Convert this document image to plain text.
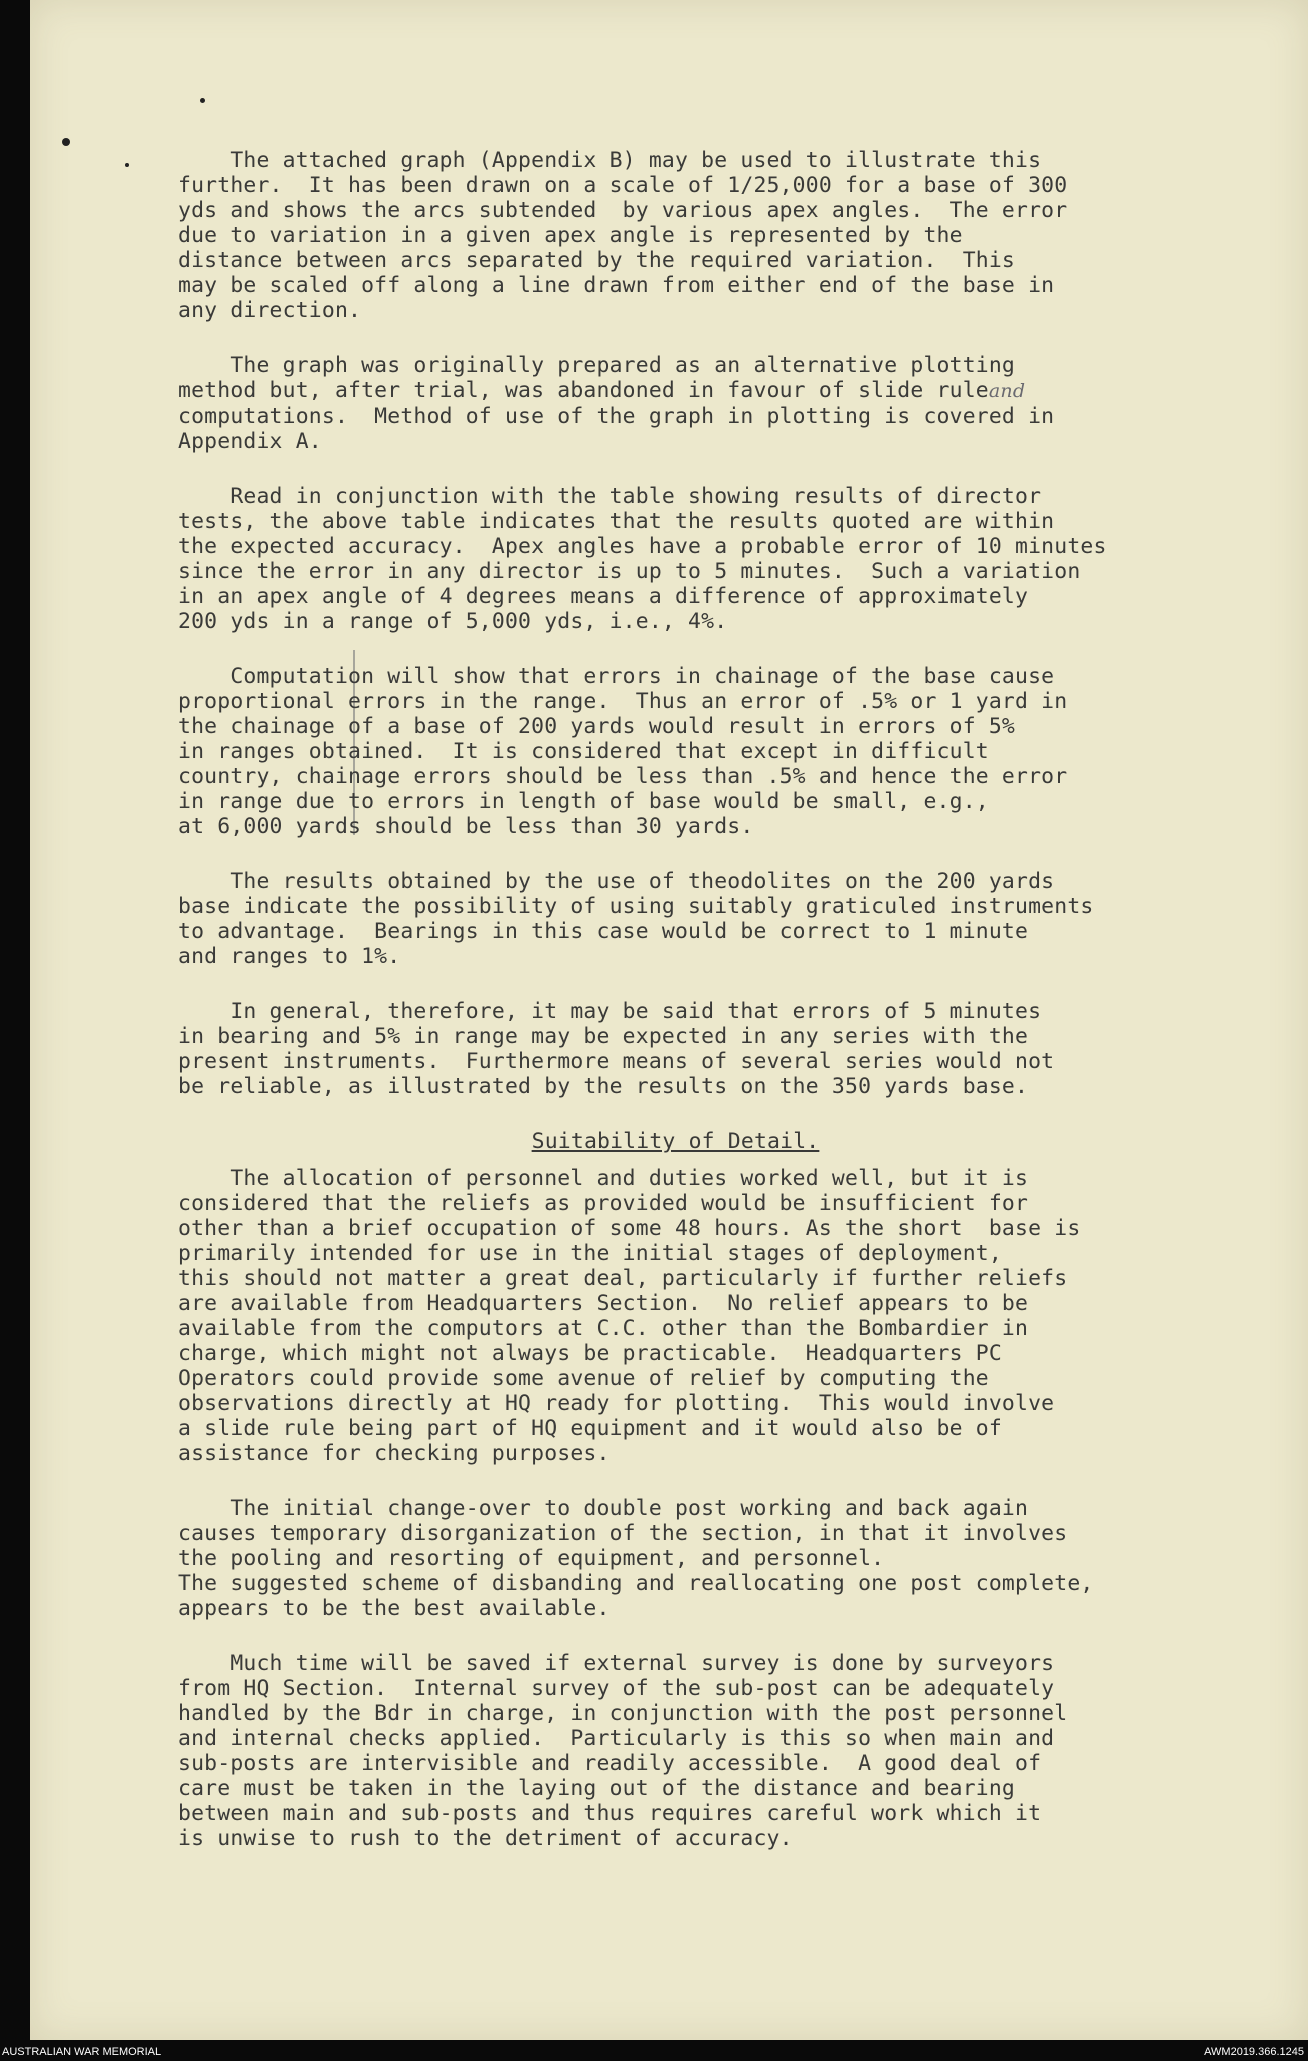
The attached graph (Appendix B) may be used to illustrate this
further.  It has been drawn on a scale of 1/25,000 for a base of 300
yds and shows the arcs subtended  by various apex angles.  The error
due to variation in a given apex angle is represented by the
distance between arcs separated by the required variation.  This
may be scaled off along a line drawn from either end of the base in
any direction.
The graph was originally prepared as an alternative plotting
method but, after trial, was abandoned in favour of slide ruleand
computations.  Method of use of the graph in plotting is covered in
Appendix A.
Read in conjunction with the table showing results of director
tests, the above table indicates that the results quoted are within
the expected accuracy.  Apex angles have a probable error of 10 minutes
since the error in any director is up to 5 minutes.  Such a variation
in an apex angle of 4 degrees means a difference of approximately
200 yds in a range of 5,000 yds, i.e., 4%.
Computation will show that errors in chainage of the base cause
proportional errors in the range.  Thus an error of .5% or 1 yard in
the chainage of a base of 200 yards would result in errors of 5%
in ranges obtained.  It is considered that except in difficult
country, chainage errors should be less than .5% and hence the error
in range due to errors in length of base would be small, e.g.,
at 6,000 yards should be less than 30 yards.
The results obtained by the use of theodolites on the 200 yards
base indicate the possibility of using suitably graticuled instruments
to advantage.  Bearings in this case would be correct to 1 minute
and ranges to 1%.
In general, therefore, it may be said that errors of 5 minutes
in bearing and 5% in range may be expected in any series with the
present instruments.  Furthermore means of several series would not
be reliable, as illustrated by the results on the 350 yards base.
Suitability of Detail.
The allocation of personnel and duties worked well, but it is
considered that the reliefs as provided would be insufficient for
other than a brief occupation of some 48 hours. As the short  base is
primarily intended for use in the initial stages of deployment,
this should not matter a great deal, particularly if further reliefs
are available from Headquarters Section.  No relief appears to be
available from the computors at C.C. other than the Bombardier in
charge, which might not always be practicable.  Headquarters PC
Operators could provide some avenue of relief by computing the
observations directly at HQ ready for plotting.  This would involve
a slide rule being part of HQ equipment and it would also be of
assistance for checking purposes.
The initial change-over to double post working and back again
causes temporary disorganization of the section, in that it involves
the pooling and resorting of equipment, and personnel.
The suggested scheme of disbanding and reallocating one post complete,
appears to be the best available.
Much time will be saved if external survey is done by surveyors
from HQ Section.  Internal survey of the sub-post can be adequately
handled by the Bdr in charge, in conjunction with the post personnel
and internal checks applied.  Particularly is this so when main and
sub-posts are intervisible and readily accessible.  A good deal of
care must be taken in the laying out of the distance and bearing
between main and sub-posts and thus requires careful work which it
is unwise to rush to the detriment of accuracy.
AUSTRALIAN WAR MEMORIAL	AWM2019.366.1245
